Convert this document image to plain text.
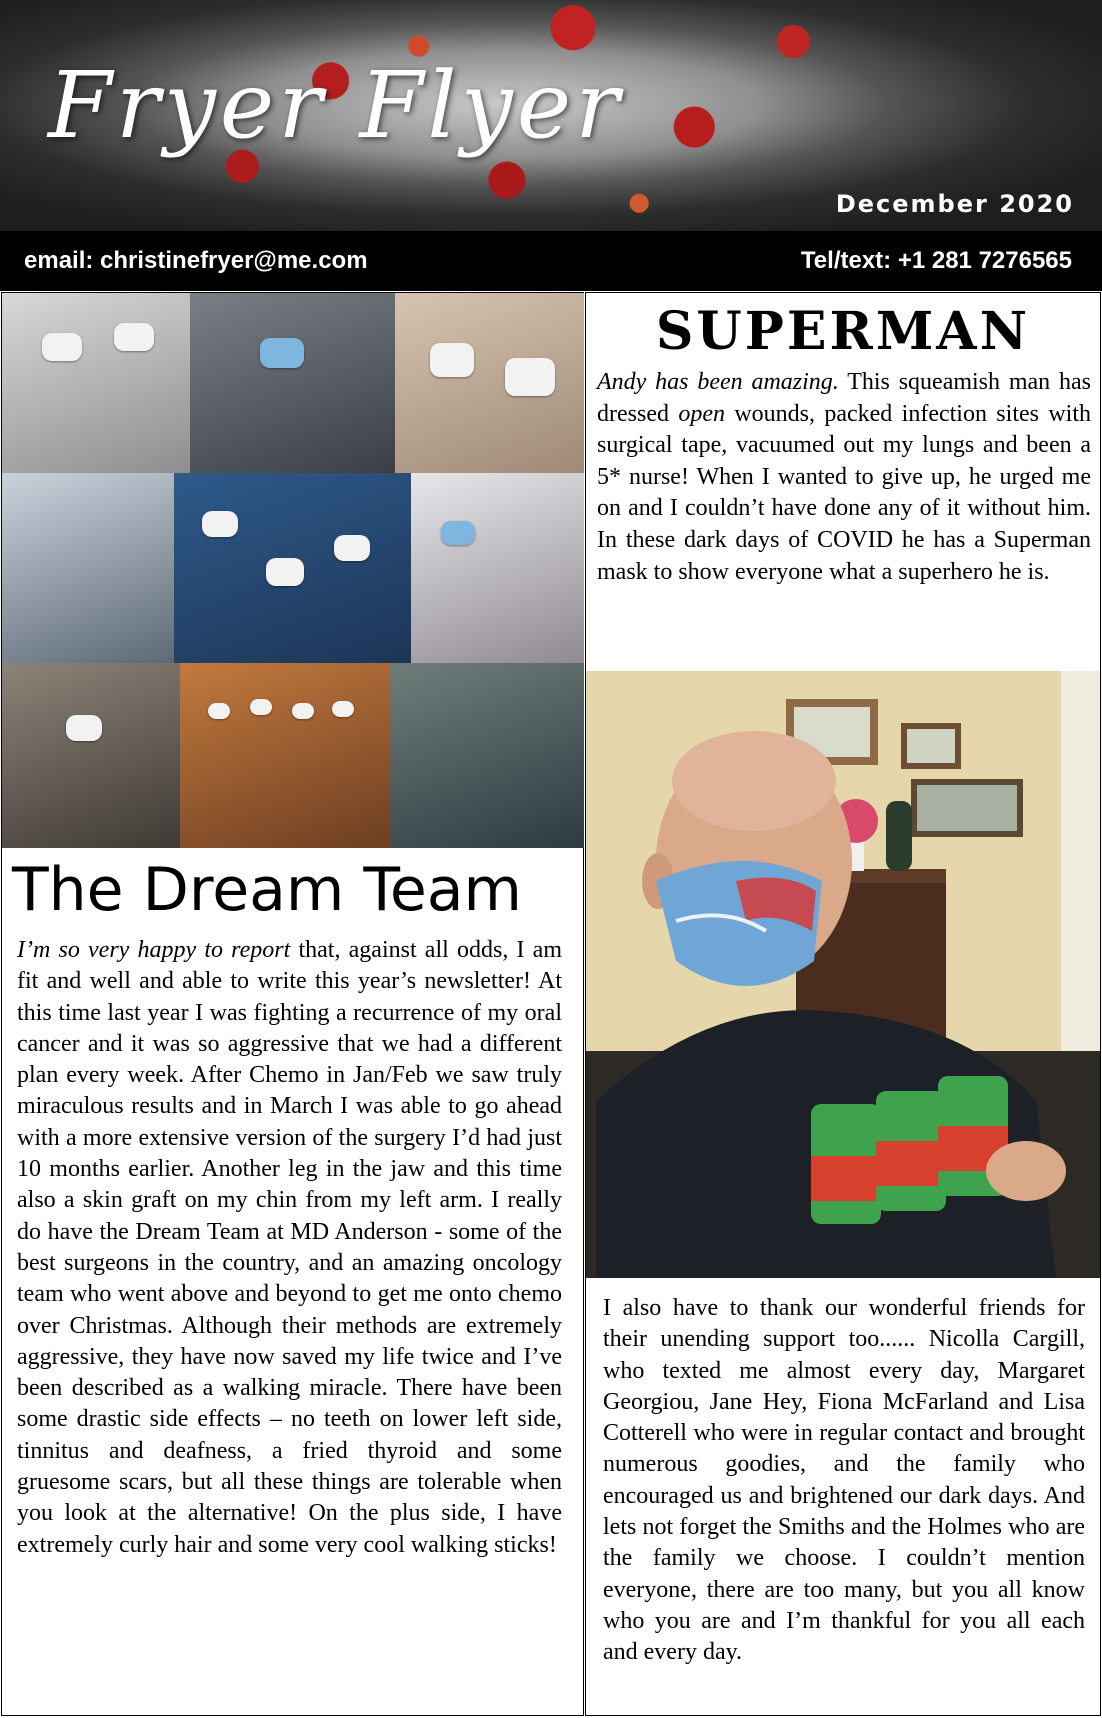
Fryer Flyer
December 2020
email: christinefryer@me.com	Tel/text: +1 281 7276565
The Dream Team

I’m so very happy to report that, against all odds, I am fit and well and able to write this year’s newsletter! At this time last year I was fighting a recurrence of my oral cancer and it was so aggressive that we had a different plan every week. After Chemo in Jan/Feb we saw truly miraculous results and in March I was able to go ahead with a more extensive version of the surgery I’d had just 10 months earlier. Another leg in the jaw and this time also a skin graft on my chin from my left arm. I really do have the Dream Team at MD Anderson - some of the best surgeons in the country, and an amazing oncology team who went above and beyond to get me onto chemo over Christmas. Although their methods are extremely aggressive, they have now saved my life twice and I’ve been described as a walking miracle. There have been some drastic side effects – no teeth on lower left side, tinnitus and deafness, a fried thyroid and some gruesome scars, but all these things are tolerable when you look at the alternative! On the plus side, I have extremely curly hair and some very cool walking sticks!

SUPERMAN

Andy has been amazing. This squeamish man has dressed open wounds, packed infection sites with surgical tape, vacuumed out my lungs and been a 5* nurse! When I wanted to give up, he urged me on and I couldn’t have done any of it without him. In these dark days of COVID he has a Superman mask to show everyone what a superhero he is.

I also have to thank our wonderful friends for their unending support too...... Nicolla Cargill, who texted me almost every day, Margaret Georgiou, Jane Hey, Fiona McFarland and Lisa Cotterell who were in regular contact and brought numerous goodies, and the family who encouraged us and brightened our dark days. And lets not forget the Smiths and the Holmes who are the family we choose. I couldn’t mention everyone, there are too many, but you all know who you are and I’m thankful for you all each and every day.
